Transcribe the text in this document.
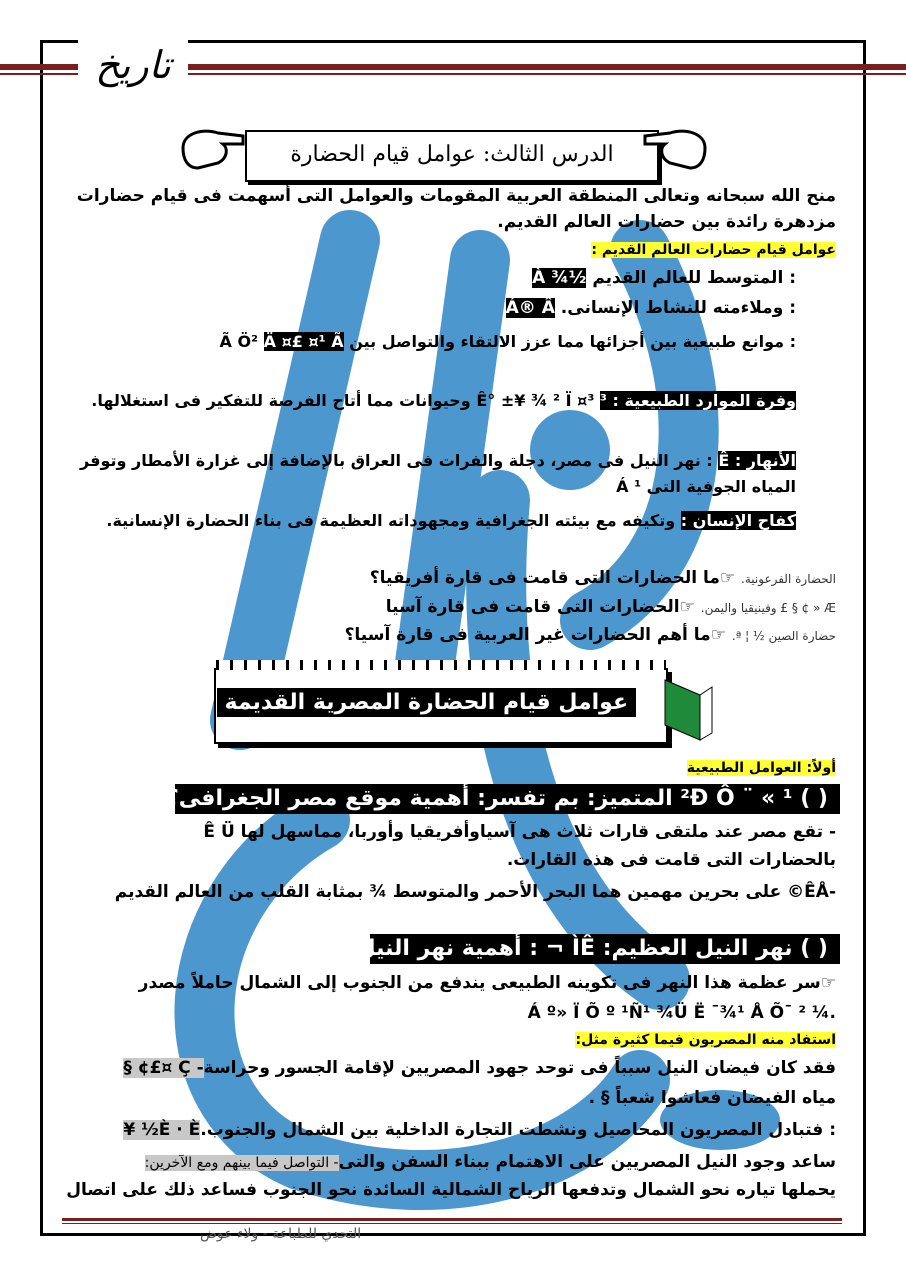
تاريخ
الدرس الثالث: عوامل قيام الحضارة
منح الله سبحانه وتعالى المنطقة العربية المقومات والعوامل التى أسهمت فى قيام حضارات
مزدهرة رائدة بين حضارات العالم القديم.
عوامل قيام حضارات العالم القديم :
: المتوسط للعالم القديم ½¾ À
: وملاءمته للنشاط الإنسانى. Á® Â
: موانع طبيعية بين أجزائها مما عزز الالتقاء والتواصل بين Ã Ö² Ä ¤£ ¤¹ Ã
وفرة الموارد الطبيعية : ³ Ê° ±¥ ¾ ² Ï ¤³ وحيوانات مما أتاح الفرصة للتفكير فى استغلالها.
الأنهار : Ê : نهر النيل فى مصر، دجلة والفرات فى العراق بالإضافة إلى غزارة الأمطار وتوفر المياه الجوفية التى Á ¹
كفاح الإنسان : وتكيفه مع بيئته الجغرافية ومجهوداته العظيمة فى بناء الحضارة الإنسانية.
الحضارة الفرعونية. ☞ما الحضارات التى قامت فى قارة أفريقيا؟
Æ « ¢ § £ وفينيقيا واليمن. ☞الحضارات التى قامت فى قارة آسيا
حضارة الصين ½ ¦ ª. ☞ما أهم الحضارات غير العربية فى قارة آسيا؟
عوامل قيام الحضارة المصرية القديمة
أولاً: العوامل الطبيعية
( ) ²Ð Ô ¨ « ¹ المتميز: بم تفسر: أهمية موقع مصر الجغرافى؟
- تقع مصر عند ملتقى قارات ثلاث هى آسياوأفريقيا وأوربا، مماسهل لها Ê Ü
بالحضارات التى قامت فى هذه القارات.
-ÊÅ© على بحرين مهمين هما البحر الأحمر والمتوسط ¾ بمثابة القلب من العالم القديم
( ) نهر النيل العظيم: ÌÊ ¬ : أهمية نهر النيل؟
☞سر عظمة هذا النهر فى تكوينه الطبيعى يندفع من الجنوب إلى الشمال حاملاً مصدر
.¼ Á º» Ï Õ º ¹Ñ¹ ¾Ü Ë ¯¾¹ Å Õ¯ ²
استفاد منه المصريون فيما كثيرة مثل:
فقد كان فيضان النيل سبباً فى توحد جهود المصريين لإقامة الجسور وحراسة- Ç ¤£¢ §
مياه الفيضان فعاشوا شعباً § .
: فتبادل المصريون المحاصيل ونشطت التجارة الداخلية بين الشمال والجنوب.È · È½ ¥
ساعد وجود النيل المصريين على الاهتمام ببناء السفن والتى- التواصل فيما بينهم ومع الآخرين:
يحملها تياره نحو الشمال وتدفعها الرياح الشمالية السائدة نحو الجنوب فساعد ذلك على اتصال
التحدي للطباعة - ولاء عوض
